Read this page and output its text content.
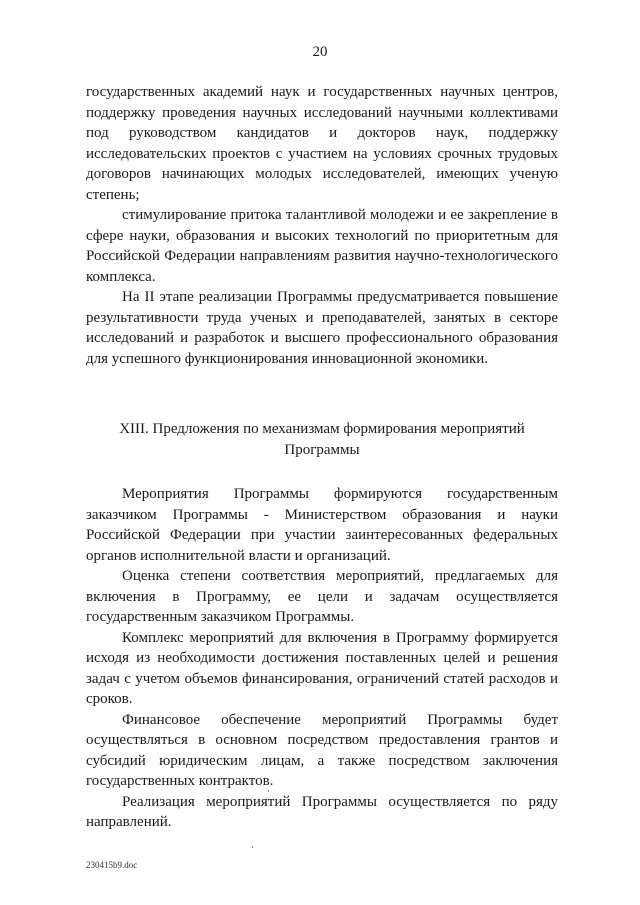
20

государственных академий наук и государственных научных центров, поддержку проведения научных исследований научными коллективами под руководством кандидатов и докторов наук, поддержку исследовательских проектов с участием на условиях срочных трудовых договоров начинающих молодых исследователей, имеющих ученую степень;

стимулирование притока талантливой молодежи и ее закрепление в сфере науки, образования и высоких технологий по приоритетным для Российской Федерации направлениям развития научно-технологического комплекса.

На II этапе реализации Программы предусматривается повышение результативности труда ученых и преподавателей, занятых в секторе исследований и разработок и высшего профессионального образования для успешного функционирования инновационной экономики.

XIII. Предложения по механизмам формирования мероприятий
Программы

Мероприятия Программы формируются государственным заказчиком Программы - Министерством образования и науки Российской Федерации при участии заинтересованных федеральных органов исполнительной власти и организаций.

Оценка степени соответствия мероприятий, предлагаемых для включения в Программу, ее цели и задачам осуществляется государственным заказчиком Программы.

Комплекс мероприятий для включения в Программу формируется исходя из необходимости достижения поставленных целей и решения задач с учетом объемов финансирования, ограничений статей расходов и сроков.

Финансовое обеспечение мероприятий Программы будет осуществляться в основном посредством предоставления грантов и субсидий юридическим лицам, а также посредством заключения государственных контрактов.

Реализация мероприятий Программы осуществляется по ряду направлений.

230415b9.doc
